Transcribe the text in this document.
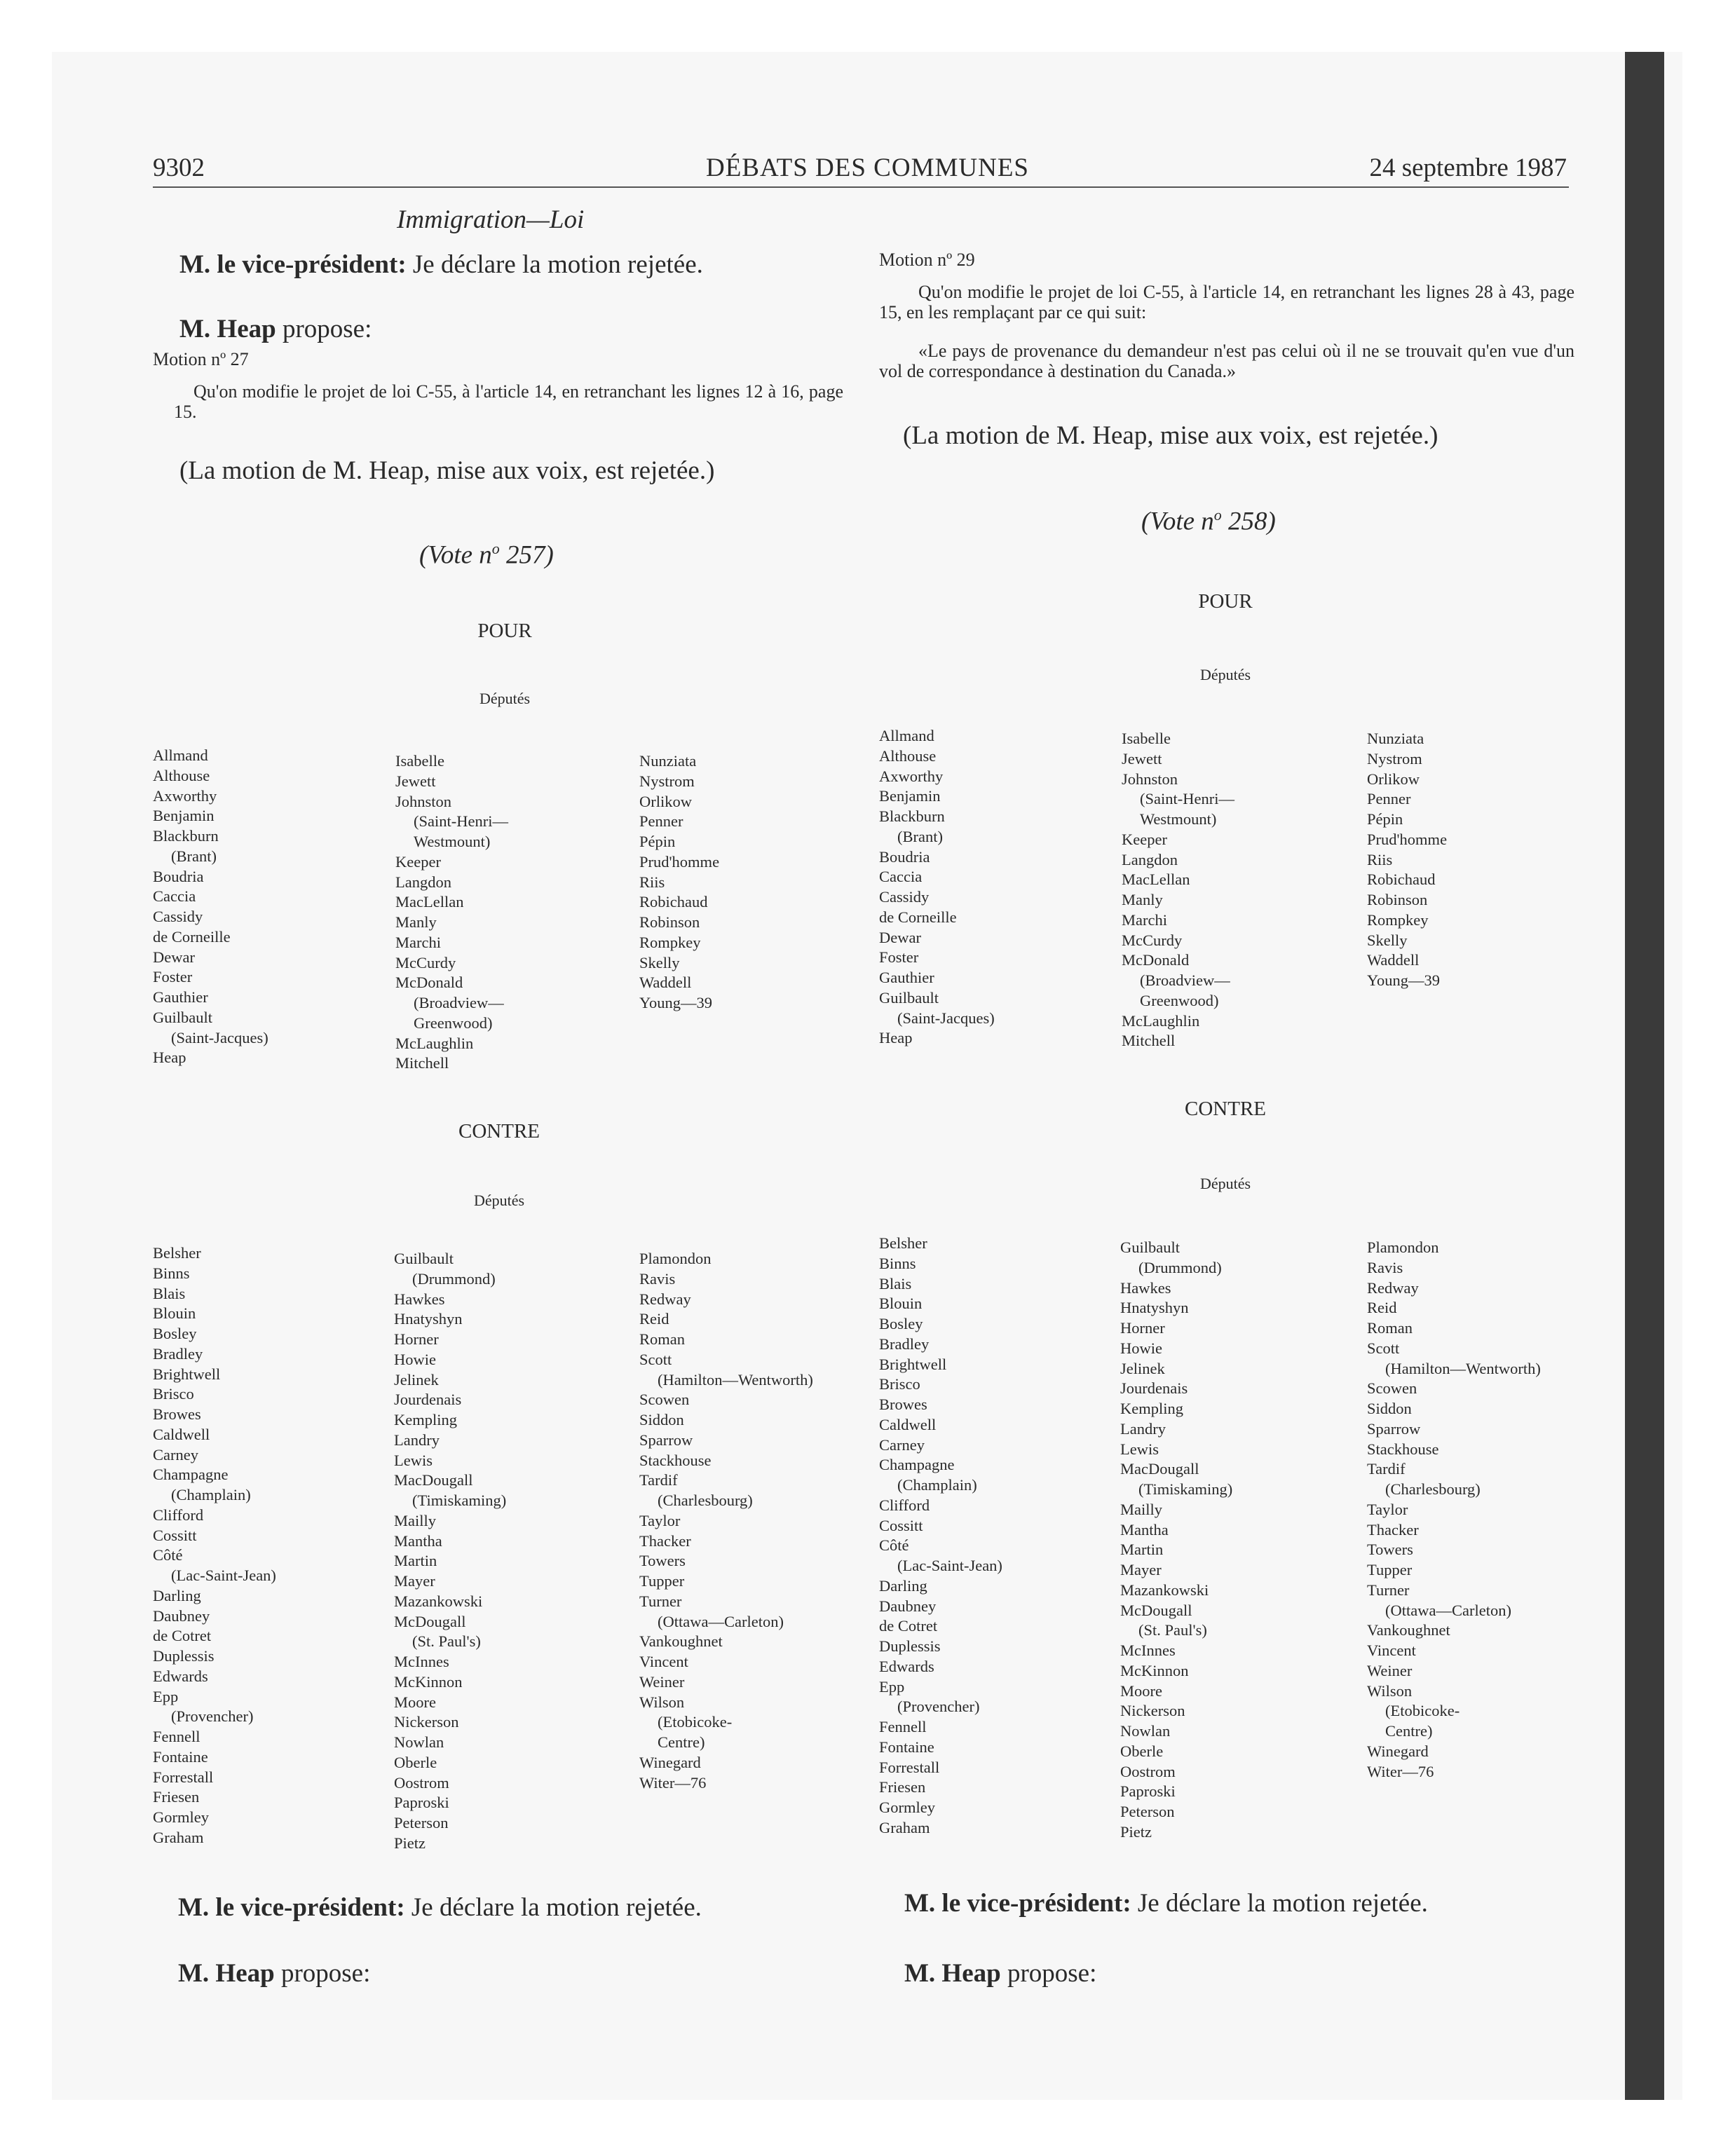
9302	DÉBATS DES COMMUNES	24 septembre 1987
Immigration—Loi
M. le vice-président: Je déclare la motion rejetée.
M. Heap propose:
Motion nº 27
Qu'on modifie le projet de loi C-55, à l'article 14, en retranchant les lignes 12 à 16, page 15.
(La motion de M. Heap, mise aux voix, est rejetée.)
(Vote $n^o$ 257)
POUR
Députés
Allmand
Althouse
Axworthy
Benjamin
Blackburn
(Brant)
Boudria
Caccia
Cassidy
de Corneille
Dewar
Foster
Gauthier
Guilbault
(Saint-Jacques)
Heap
Isabelle
Jewett
Johnston
(Saint-Henri—
Westmount)
Keeper
Langdon
MacLellan
Manly
Marchi
McCurdy
McDonald
(Broadview—
Greenwood)
McLaughlin
Mitchell
Nunziata
Nystrom
Orlikow
Penner
Pépin
Prud'homme
Riis
Robichaud
Robinson
Rompkey
Skelly
Waddell
Young—39
CONTRE
Députés
Belsher
Binns
Blais
Blouin
Bosley
Bradley
Brightwell
Brisco
Browes
Caldwell
Carney
Champagne
(Champlain)
Clifford
Cossitt
Côté
(Lac-Saint-Jean)
Darling
Daubney
de Cotret
Duplessis
Edwards
Epp
(Provencher)
Fennell
Fontaine
Forrestall
Friesen
Gormley
Graham
Guilbault
(Drummond)
Hawkes
Hnatyshyn
Horner
Howie
Jelinek
Jourdenais
Kempling
Landry
Lewis
MacDougall
(Timiskaming)
Mailly
Mantha
Martin
Mayer
Mazankowski
McDougall
(St. Paul's)
McInnes
McKinnon
Moore
Nickerson
Nowlan
Oberle
Oostrom
Paproski
Peterson
Pietz
Plamondon
Ravis
Redway
Reid
Roman
Scott
(Hamilton—Wentworth)
Scowen
Siddon
Sparrow
Stackhouse
Tardif
(Charlesbourg)
Taylor
Thacker
Towers
Tupper
Turner
(Ottawa—Carleton)
Vankoughnet
Vincent
Weiner
Wilson
(Etobicoke-
Centre)
Winegard
Witer—76
M. le vice-président: Je déclare la motion rejetée.
M. Heap propose:
Motion nº 29
Qu'on modifie le projet de loi C-55, à l'article 14, en retranchant les lignes 28 à 43, page 15, en les remplaçant par ce qui suit:
«Le pays de provenance du demandeur n'est pas celui où il ne se trouvait qu'en vue d'un vol de correspondance à destination du Canada.»
(La motion de M. Heap, mise aux voix, est rejetée.)
(Vote $n^o$ 258)
POUR
Députés
Allmand
Althouse
Axworthy
Benjamin
Blackburn
(Brant)
Boudria
Caccia
Cassidy
de Corneille
Dewar
Foster
Gauthier
Guilbault
(Saint-Jacques)
Heap
Isabelle
Jewett
Johnston
(Saint-Henri—
Westmount)
Keeper
Langdon
MacLellan
Manly
Marchi
McCurdy
McDonald
(Broadview—
Greenwood)
McLaughlin
Mitchell
Nunziata
Nystrom
Orlikow
Penner
Pépin
Prud'homme
Riis
Robichaud
Robinson
Rompkey
Skelly
Waddell
Young—39
CONTRE
Députés
Belsher
Binns
Blais
Blouin
Bosley
Bradley
Brightwell
Brisco
Browes
Caldwell
Carney
Champagne
(Champlain)
Clifford
Cossitt
Côté
(Lac-Saint-Jean)
Darling
Daubney
de Cotret
Duplessis
Edwards
Epp
(Provencher)
Fennell
Fontaine
Forrestall
Friesen
Gormley
Graham
Guilbault
(Drummond)
Hawkes
Hnatyshyn
Horner
Howie
Jelinek
Jourdenais
Kempling
Landry
Lewis
MacDougall
(Timiskaming)
Mailly
Mantha
Martin
Mayer
Mazankowski
McDougall
(St. Paul's)
McInnes
McKinnon
Moore
Nickerson
Nowlan
Oberle
Oostrom
Paproski
Peterson
Pietz
Plamondon
Ravis
Redway
Reid
Roman
Scott
(Hamilton—Wentworth)
Scowen
Siddon
Sparrow
Stackhouse
Tardif
(Charlesbourg)
Taylor
Thacker
Towers
Tupper
Turner
(Ottawa—Carleton)
Vankoughnet
Vincent
Weiner
Wilson
(Etobicoke-
Centre)
Winegard
Witer—76
M. le vice-président: Je déclare la motion rejetée.
M. Heap propose:
